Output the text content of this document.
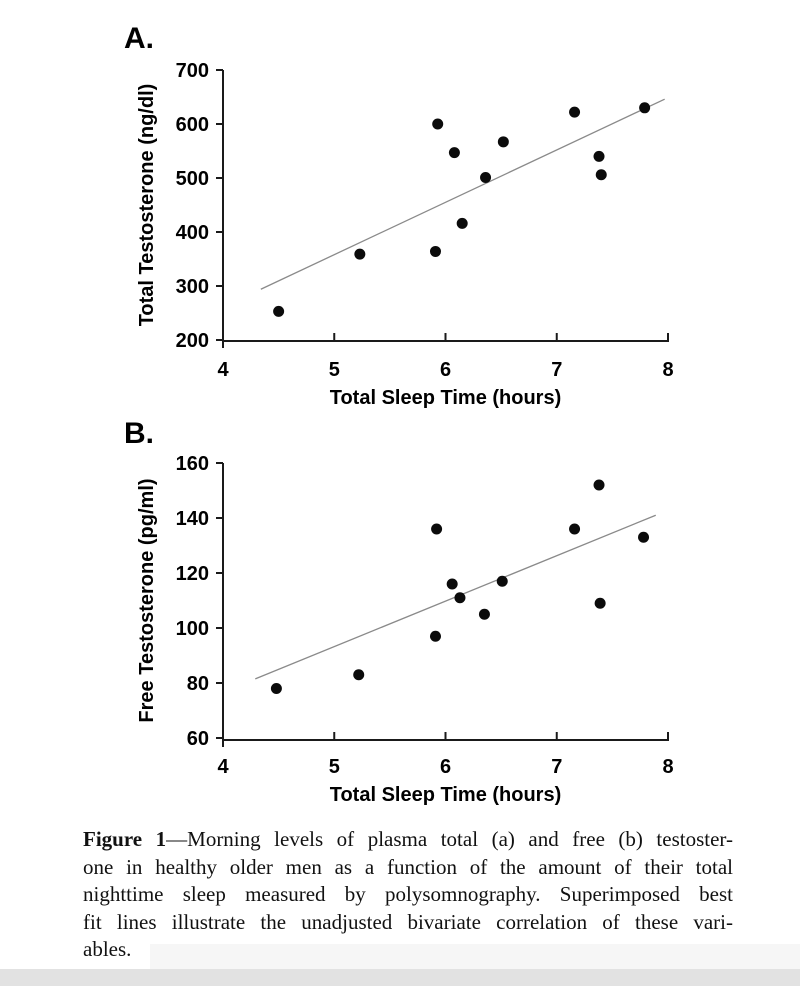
A.
200
300
400
500
600
700
4	5	6	7	8
Total Sleep Time (hours)
Total Testosterone (ng/dl)
B.
60
80
100
120
140
160
4	5	6	7	8
Total Sleep Time (hours)
Free Testosterone (pg/ml)
Figure 1—Morning levels of plasma total (a) and free (b) testoster-
one in healthy older men as a function of the amount of their total
nighttime sleep measured by polysomnography. Superimposed best
fit lines illustrate the unadjusted bivariate correlation of these vari-
ables.
